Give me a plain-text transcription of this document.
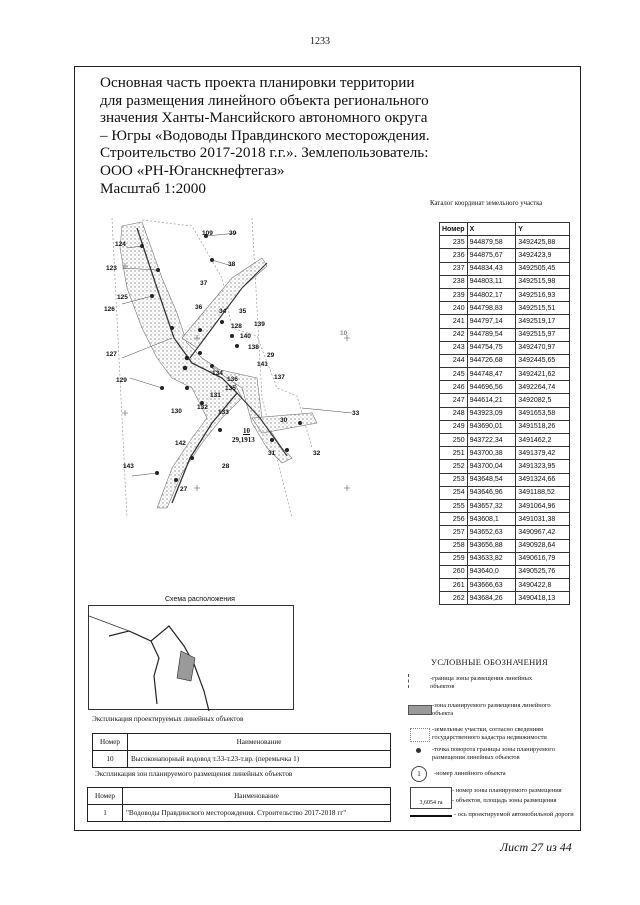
1233
Основная часть проекта планировки территории для размещения линейного объекта регионального значения Ханты-Мансийского автономного округа – Югры «Водоводы Правдинского месторождения. Строительство 2017-2018 г.г.». Землепользователь: ООО «РН-Юганскнефтегаз»
Масштаб 1:2000
Каталог координат земельного участка
Номер	X	Y
235	944879,58	3492425,88
236	944875,67	3492423,9
237	944834,43	3492505,45
238	944803,11	3492515,98
239	944802,17	3492516,93
240	944798,83	3492515,51
241	944797,14	3492519,17
242	944789,54	3492515,97
243	944754,75	3492470,97
244	944726,68	3492445,65
245	944748,47	3492421,62
246	944696,56	3492264,74
247	944614,21	3492082,5
248	943923,09	3491653,58
249	943690,01	3491518,26
250	943722,34	3491462,2
251	943700,38	3491379,42
252	943700,04	3491323,95
253	943648,54	3491324,66
254	943646,96	3491188,52
255	943657,32	3491064,96
256	943608,1	3491031,38
257	943652,63	3490967,42
258	943656,88	3490928,64
259	943633,82	3490616,79
260	943640,0	3490525,76
261	943666,63	3490422,8
262	943684,26	3490418,13
109 39
124
38
123
37
125
126	36
34 35
139
128
140
138
29
127
141
134
137
136
135
129
131
132
130	133
30
33
142
31	32
143	28
27
10
10
29,1913
Схема расположения
УСЛОВНЫЕ ОБОЗНАЧЕНИЯ
-граница зоны размещения линейных объектов
-зона планируемого размещения линейного объекта
-земельные участки, согласно сведениям государственного кадастра недвижимости
-точка поворота границы зоны планируемого размещения линейных объектов
1	-номер линейного объекта
3,6054 га
- номер зоны планируемого размещения
- объектов, площадь зоны размещения
- ось проектируемой автомобильной дороги
Экспликация проектируемых линейных объектов
Номер	Наименование
10	Высоконапорный водовод т.33-т.23-т.вр. (перемычка 1)
Экспликация зон планируемого размещения линейных объектов
Номер	Наименование
1	"Водоводы Правдинского месторождения. Строительство 2017-2018 гг"
Лист 27 из 44
